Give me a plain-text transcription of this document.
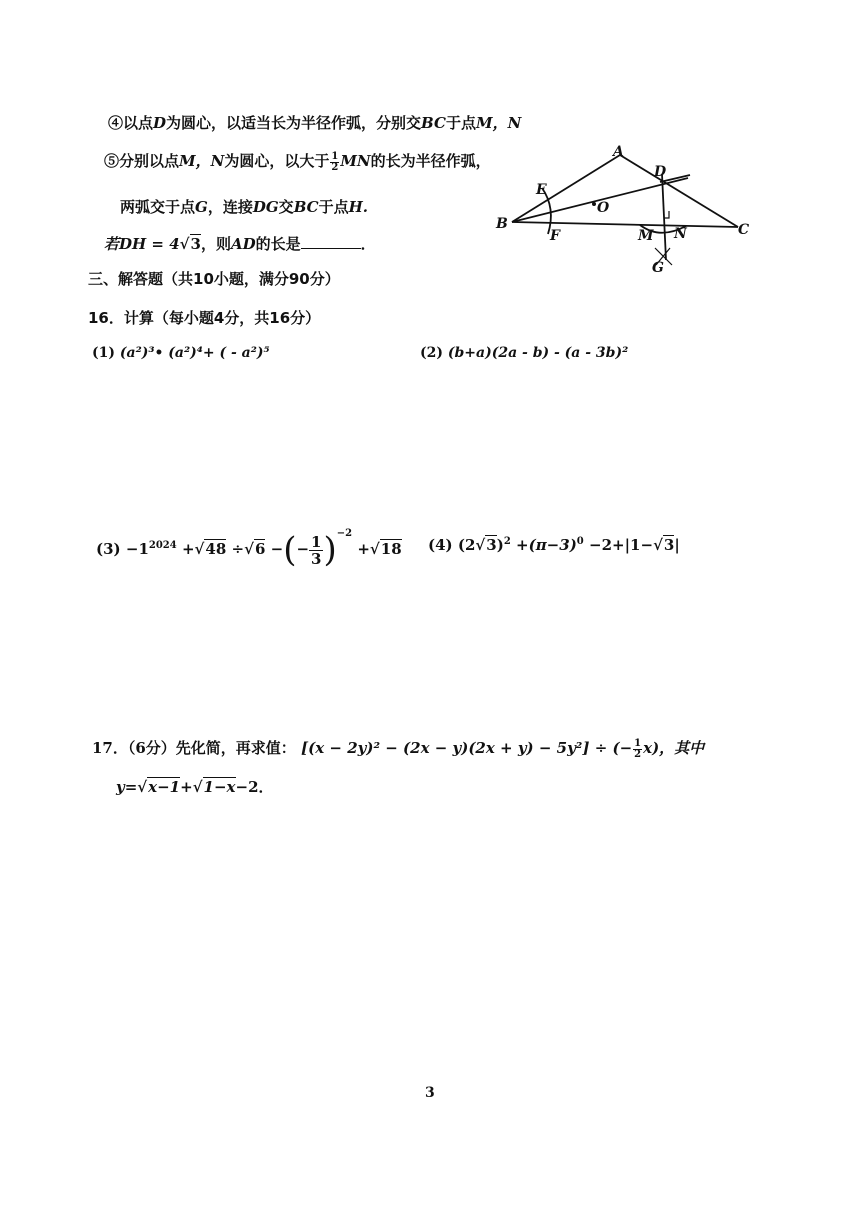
④以点D为圆心，以适当长为半径作弧，分别交BC于点M，N
⑤分别以点M，N为圆心，以大于 $\frac{1}{2}$ MN的长为半径作弧，
两弧交于点G，连接DG交BC于点H.
若DH = 4√3，则AD的长是	．
A
D
E
O
B
F	M N	C
G
三、解答题（共10小题，满分90分）
16．计算（每小题4分，共16分）
(1) (a²)³• (a²)⁴+ ( - a²)⁵	(2) (b+a)(2a - b) - (a - 3b)²
$(3) -1^{2024} +√48 \div√6$ −(− $\frac{1}{3} )^{-2} +√18$ (4) $(2√3)^2 +(\pi-3)^0 -2+|1-√3|$
17．（6分）先化简，再求值： [(x − 2y)² − (2x − y)(2x + y) − 5y²] ÷ (− $\frac{1}{2} x$)，其中
y=√x−1+√1−x−2．
3
